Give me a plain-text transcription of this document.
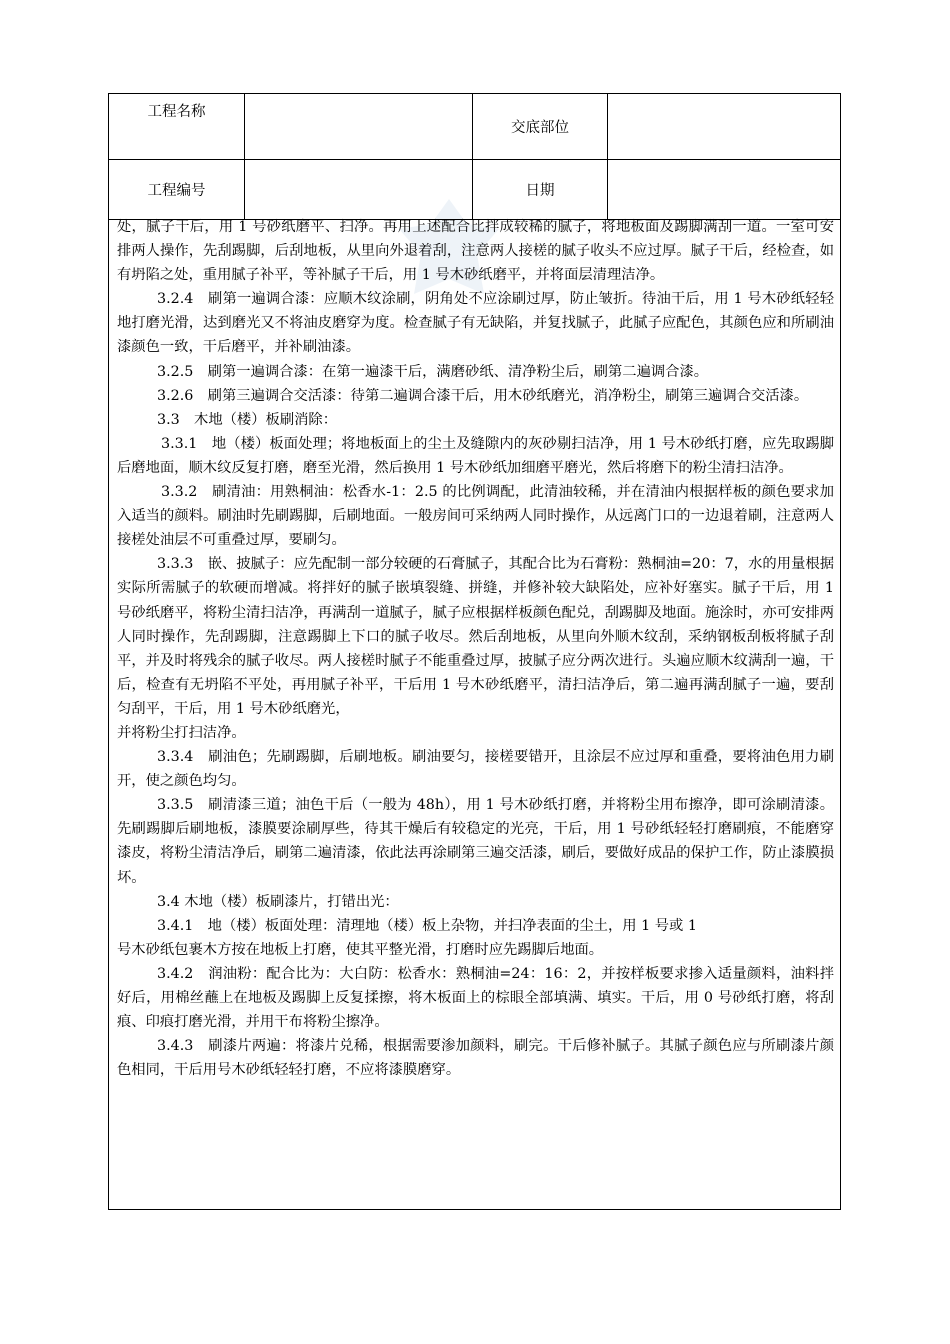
工程名称		交底部位	
工程编号		日期	

处，腻子干后，用 1 号砂纸磨平、扫净。再用上述配合比拌成较稀的腻子，将地板面及踢脚满刮一道。一室可安排两人操作，先刮踢脚，后刮地板，从里向外退着刮，注意两人接槎的腻子收头不应过厚。腻子干后，经检查，如有坍陷之处，重用腻子补平，等补腻子干后，用 1 号木砂纸磨平，并将面层清理洁净。

3.2.4　刷第一遍调合漆：应顺木纹涂刷，阴角处不应涂刷过厚，防止皱折。待油干后，用 1 号木砂纸轻轻地打磨光滑，达到磨光又不将油皮磨穿为度。检查腻子有无缺陷，并复找腻子，此腻子应配色，其颜色应和所刷油漆颜色一致，干后磨平，并补刷油漆。

3.2.5　刷第一遍调合漆：在第一遍漆干后，满磨砂纸、清净粉尘后，刷第二遍调合漆。

3.2.6　刷第三遍调合交活漆：待第二遍调合漆干后，用木砂纸磨光，消净粉尘，刷第三遍调合交活漆。

3.3　木地（楼）板刷消除：

3.3.1　地（楼）板面处理；将地板面上的尘土及缝隙内的灰砂剔扫洁净，用 1 号木砂纸打磨，应先取踢脚后磨地面，顺木纹反复打磨，磨至光滑，然后换用 1 号木砂纸加细磨平磨光，然后将磨下的粉尘清扫洁净。

3.3.2　刷清油：用熟桐油：松香水-1：2.5 的比例调配，此清油较稀，并在清油内根据样板的颜色要求加入适当的颜料。刷油时先刷踢脚，后刷地面。一般房间可采纳两人同时操作，从远离门口的一边退着刷，注意两人接槎处油层不可重叠过厚，要刷匀。

3.3.3　嵌、披腻子：应先配制一部分较硬的石膏腻子，其配合比为石膏粉：熟桐油=20：7，水的用量根据实际所需腻子的软硬而增减。将拌好的腻子嵌填裂缝、拼缝，并修补较大缺陷处，应补好塞实。腻子干后，用 1 号砂纸磨平，将粉尘清扫洁净，再满刮一道腻子，腻子应根据样板颜色配兑，刮踢脚及地面。施涂时，亦可安排两人同时操作，先刮踢脚，注意踢脚上下口的腻子收尽。然后刮地板，从里向外顺木纹刮，采纳钢板刮板将腻子刮平，并及时将残余的腻子收尽。两人接槎时腻子不能重叠过厚，披腻子应分两次进行。头遍应顺木纹满刮一遍，干后，检查有无坍陷不平处，再用腻子补平，干后用 1 号木砂纸磨平，清扫洁净后，第二遍再满刮腻子一遍，要刮匀刮平，干后，用 1 号木砂纸磨光，

并将粉尘打扫洁净。

3.3.4　刷油色；先刷踢脚，后刷地板。刷油要匀，接槎要错开，且涂层不应过厚和重叠，要将油色用力刷开，使之颜色均匀。

3.3.5　刷清漆三道；油色干后（一般为 48h），用 1 号木砂纸打磨，并将粉尘用布擦净，即可涂刷清漆。先刷踢脚后刷地板，漆膜要涂刷厚些，待其干燥后有较稳定的光亮，干后，用 1 号砂纸轻轻打磨刷痕，不能磨穿漆皮，将粉尘清洁净后，刷第二遍清漆，依此法再涂刷第三遍交活漆，刷后，要做好成品的保护工作，防止漆膜损坏。

3.4 木地（楼）板刷漆片，打错出光：

3.4.1　地（楼）板面处理：清理地（楼）板上杂物，并扫净表面的尘土，用 1 号或 1

号木砂纸包裹木方按在地板上打磨，使其平整光滑，打磨时应先踢脚后地面。

3.4.2　润油粉：配合比为：大白防：松香水：熟桐油=24：16：2，并按样板要求掺入适量颜料，油料拌好后，用棉丝蘸上在地板及踢脚上反复揉擦，将木板面上的棕眼全部填满、填实。干后，用 0 号砂纸打磨，将刮痕、印痕打磨光滑，并用干布将粉尘擦净。

3.4.3　刷漆片两遍：将漆片兑稀，根据需要渗加颜料，刷完。干后修补腻子。其腻子颜色应与所刷漆片颜色相同，干后用号木砂纸轻轻打磨，不应将漆膜磨穿。
